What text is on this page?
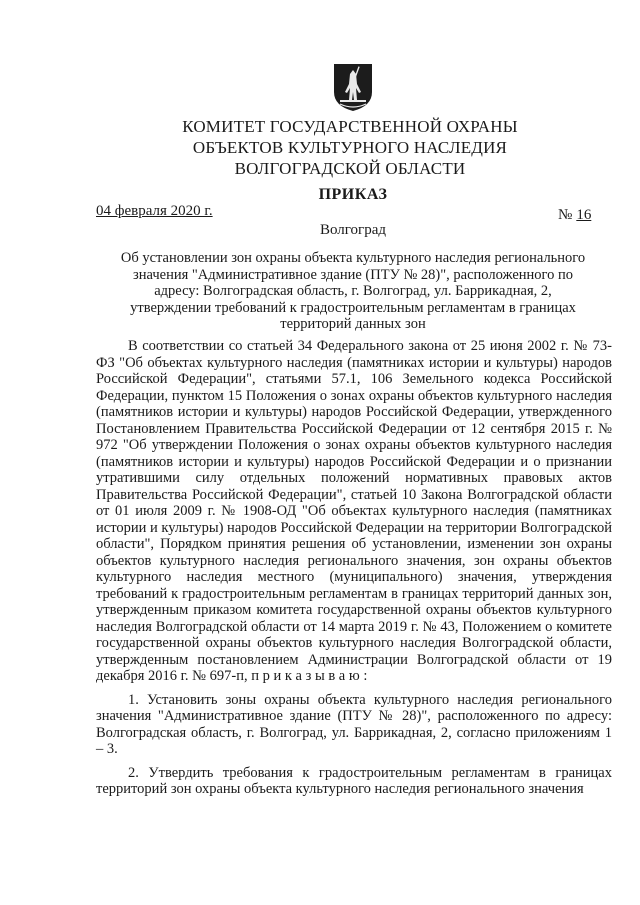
КОМИТЕТ ГОСУДАРСТВЕННОЙ ОХРАНЫ
ОБЪЕКТОВ КУЛЬТУРНОГО НАСЛЕДИЯ
ВОЛГОГРАДСКОЙ ОБЛАСТИ
ПРИКАЗ
04 февраля 2020 г.	№ 16
Волгоград
Об установлении зон охраны объекта культурного наследия регионального значения "Административное здание (ПТУ № 28)", расположенного по адресу: Волгоградская область, г. Волгоград, ул. Баррикадная, 2, утверждении требований к градостроительным регламентам в границах территорий данных зон

В соответствии со статьей 34 Федерального закона от 25 июня 2002 г. № 73-ФЗ "Об объектах культурного наследия (памятниках истории и культуры) народов Российской Федерации", статьями 57.1, 106 Земельного кодекса Российской Федерации, пунктом 15 Положения о зонах охраны объектов культурного наследия (памятников истории и культуры) народов Российской Федерации, утвержденного Постановлением Правительства Российской Федерации от 12 сентября 2015 г. № 972 "Об утверждении Положения о зонах охраны объектов культурного наследия (памятников истории и культуры) народов Российской Федерации и о признании утратившими силу отдельных положений нормативных правовых актов Правительства Российской Федерации", статьей 10 Закона Волгоградской области от 01 июля 2009 г. № 1908-ОД "Об объектах культурного наследия (памятниках истории и культуры) народов Российской Федерации на территории Волгоградской области", Порядком принятия решения об установлении, изменении зон охраны объектов культурного наследия регионального значения, зон охраны объектов культурного наследия местного (муниципального) значения, утверждения требований к градостроительным регламентам в границах территорий данных зон, утвержденным приказом комитета государственной охраны объектов культурного наследия Волгоградской области от 14 марта 2019 г. № 43, Положением о комитете государственной охраны объектов культурного наследия Волгоградской области, утвержденным постановлением Администрации Волгоградской области от 19 декабря 2016 г. № 697-п, п р и к а з ы в а ю :

1. Установить зоны охраны объекта культурного наследия регионального значения "Административное здание (ПТУ № 28)", расположенного по адресу: Волгоградская область, г. Волгоград, ул. Баррикадная, 2, согласно приложениям 1 – 3.

2. Утвердить требования к градостроительным регламентам в границах территорий зон охраны объекта культурного наследия регионального значения
